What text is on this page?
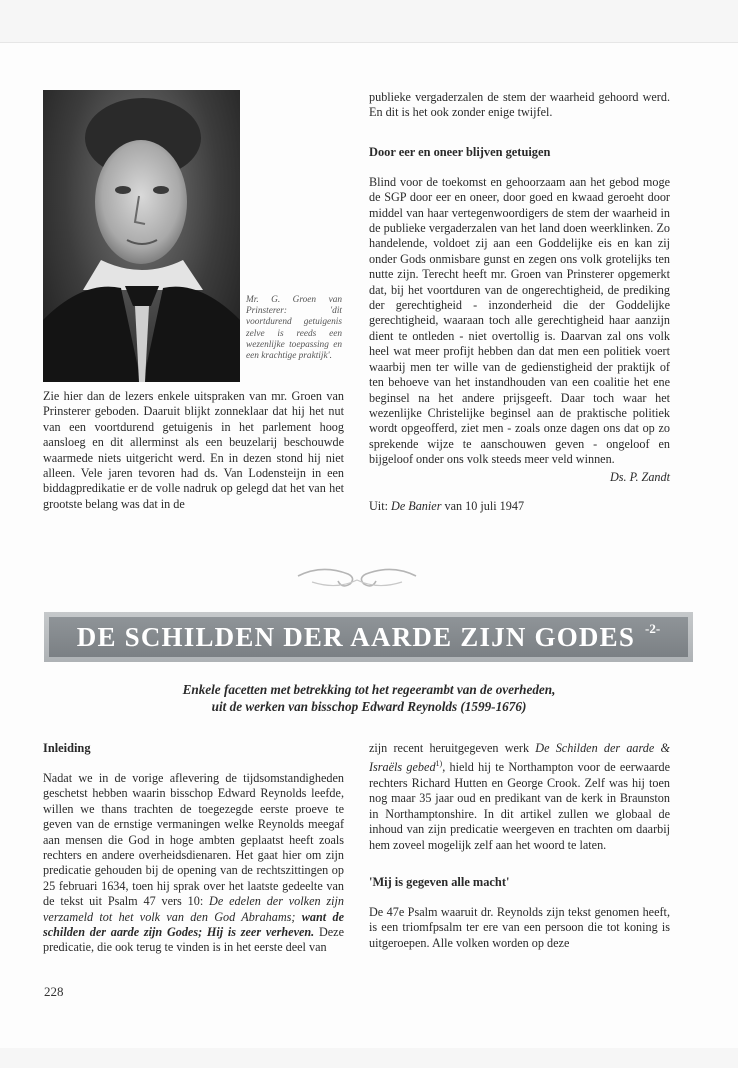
Mr. G. Groen van Prinsterer: 'dit voortdurend getuigenis zelve is reeds een wezenlijke toepassing en een krachtige praktijk'.

Zie hier dan de lezers enkele uitspraken van mr. Groen van Prinsterer geboden. Daaruit blijkt zonneklaar dat hij het nut van een voortdurend getuigenis in het parlement hoog aansloeg en dit allerminst als een beuzelarij beschouwde waarmede niets uitgericht werd. En in dezen stond hij niet alleen. Vele jaren tevoren had ds. Van Lodensteijn in een biddagpredikatie er de volle nadruk op gelegd dat het van het grootste belang was dat in de

publieke vergaderzalen de stem der waarheid gehoord werd. En dit is het ook zonder enige twijfel.

Door eer en oneer blijven getuigen

Blind voor de toekomst en gehoorzaam aan het gebod moge de SGP door eer en oneer, door goed en kwaad geroeht door middel van haar vertegenwoordigers de stem der waarheid in de publieke vergaderzalen van het land doen weerklinken. Zo handelende, voldoet zij aan een Goddelijke eis en kan zij onder Gods onmisbare gunst en zegen ons volk grotelijks ten nutte zijn. Terecht heeft mr. Groen van Prinsterer opgemerkt dat, bij het voortduren van de ongerechtigheid, de prediking der gerechtigheid - inzonderheid die der Goddelijke gerechtigheid, waaraan toch alle gerechtigheid haar aanzijn dient te ontleden - niet overtollig is. Daarvan zal ons volk heel wat meer profijt hebben dan dat men een politiek voert waarbij men ter wille van de gedienstigheid der praktijk of ten behoeve van het instandhouden van een coalitie het ene beginsel na het andere prijsgeeft. Daar toch waar het wezenlijke Christelijke beginsel aan de praktische politiek wordt opgeofferd, ziet men - zoals onze dagen ons dat op zo sprekende wijze te aanschouwen geven - ongeloof en bijgeloof onder ons volk steeds meer veld winnen.

Ds. P. Zandt

Uit: De Banier van 10 juli 1947

DE SCHILDEN DER AARDE ZIJN GODES -2-
Enkele facetten met betrekking tot het regeerambt van de overheden,
uit de werken van bisschop Edward Reynolds (1599-1676)
Inleiding

Nadat we in de vorige aflevering de tijdsomstandigheden geschetst hebben waarin bisschop Edward Reynolds leefde, willen we thans trachten de toegezegde eerste proeve te geven van de ernstige vermaningen welke Reynolds meegaf aan mensen die God in hoge ambten geplaatst heeft zoals rechters en andere overheidsdienaren. Het gaat hier om zijn predicatie gehouden bij de opening van de rechtszittingen op 25 februari 1634, toen hij sprak over het laatste gedeelte van de tekst uit Psalm 47 vers 10: De edelen der volken zijn verzameld tot het volk van den God Abrahams; want de schilden der aarde zijn Godes; Hij is zeer verheven. Deze predicatie, die ook terug te vinden is in het eerste deel van

zijn recent heruitgegeven werk De Schilden der aarde & Israëls gebed$^{1)}$, hield hij te Northampton voor de eerwaarde rechters Richard Hutten en George Crook. Zelf was hij toen nog maar 35 jaar oud en predikant van de kerk in Braunston in Northamptonshire. In dit artikel zullen we globaal de inhoud van zijn predicatie weergeven en trachten om daarbij hem zoveel mogelijk zelf aan het woord te laten.

'Mij is gegeven alle macht'

De 47e Psalm waaruit dr. Reynolds zijn tekst genomen heeft, is een triomfpsalm ter ere van een persoon die tot koning is uitgeroepen. Alle volken worden op deze

228
